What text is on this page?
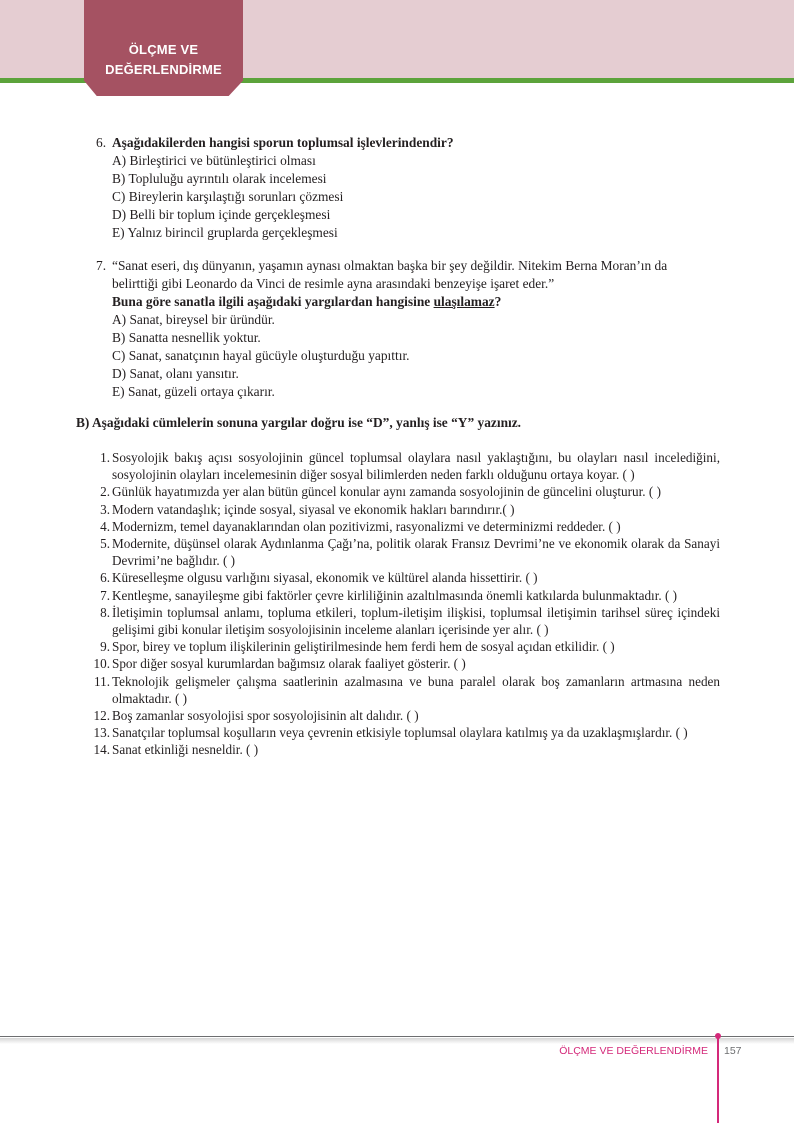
ÖLÇME VE
DEĞERLENDİRME
6. Aşağıdakilerden hangisi sporun toplumsal işlevlerindendir?
A) Birleştirici ve bütünleştirici olması
B) Topluluğu ayrıntılı olarak incelemesi
C) Bireylerin karşılaştığı sorunları çözmesi
D) Belli bir toplum içinde gerçekleşmesi
E) Yalnız birincil gruplarda gerçekleşmesi
7. “Sanat eseri, dış dünyanın, yaşamın aynası olmaktan başka bir şey değildir. Nitekim Berna Moran’ın da
belirttiği gibi Leonardo da Vinci de resimle ayna arasındaki benzeyişe işaret eder.”
Buna göre sanatla ilgili aşağıdaki yargılardan hangisine ulaşılamaz?
A) Sanat, bireysel bir üründür.
B) Sanatta nesnellik yoktur.
C) Sanat, sanatçının hayal gücüyle oluşturduğu yapıttır.
D) Sanat, olanı yansıtır.
E) Sanat, güzeli ortaya çıkarır.
B) Aşağıdaki cümlelerin sonuna yargılar doğru ise “D”, yanlış ise “Y” yazınız.

1. Sosyolojik bakış açısı sosyolojinin güncel toplumsal olaylara nasıl yaklaştığını, bu olayları nasıl incelediğini, sosyolojinin olayları incelemesinin diğer sosyal bilimlerden neden farklı olduğunu ortaya koyar. ( )

2. Günlük hayatımızda yer alan bütün güncel konular aynı zamanda sosyolojinin de güncelini oluşturur. ( )

3. Modern vatandaşlık; içinde sosyal, siyasal ve ekonomik hakları barındırır.( )

4. Modernizm, temel dayanaklarından olan pozitivizmi, rasyonalizmi ve determinizmi reddeder. ( )

5. Modernite, düşünsel olarak Aydınlanma Çağı’na, politik olarak Fransız Devrimi’ne ve ekonomik olarak da Sanayi Devrimi’ne bağlıdır. ( )

6. Küreselleşme olgusu varlığını siyasal, ekonomik ve kültürel alanda hissettirir. ( )

7. Kentleşme, sanayileşme gibi faktörler çevre kirliliğinin azaltılmasında önemli katkılarda bulunmaktadır. ( )

8. İletişimin toplumsal anlamı, topluma etkileri, toplum-iletişim ilişkisi, toplumsal iletişimin tarihsel süreç içindeki gelişimi gibi konular iletişim sosyolojisinin inceleme alanları içerisinde yer alır. ( )

9. Spor, birey ve toplum ilişkilerinin geliştirilmesinde hem ferdi hem de sosyal açıdan etkilidir. ( )

10. Spor diğer sosyal kurumlardan bağımsız olarak faaliyet gösterir. ( )

11. Teknolojik gelişmeler çalışma saatlerinin azalmasına ve buna paralel olarak boş zamanların artmasına neden olmaktadır. ( )

12. Boş zamanlar sosyolojisi spor sosyolojisinin alt dalıdır. ( )

13. Sanatçılar toplumsal koşulların veya çevrenin etkisiyle toplumsal olaylara katılmış ya da uzaklaşmışlardır. ( )

14. Sanat etkinliği nesneldir. ( )

ÖLÇME VE DEĞERLENDİRME 157
